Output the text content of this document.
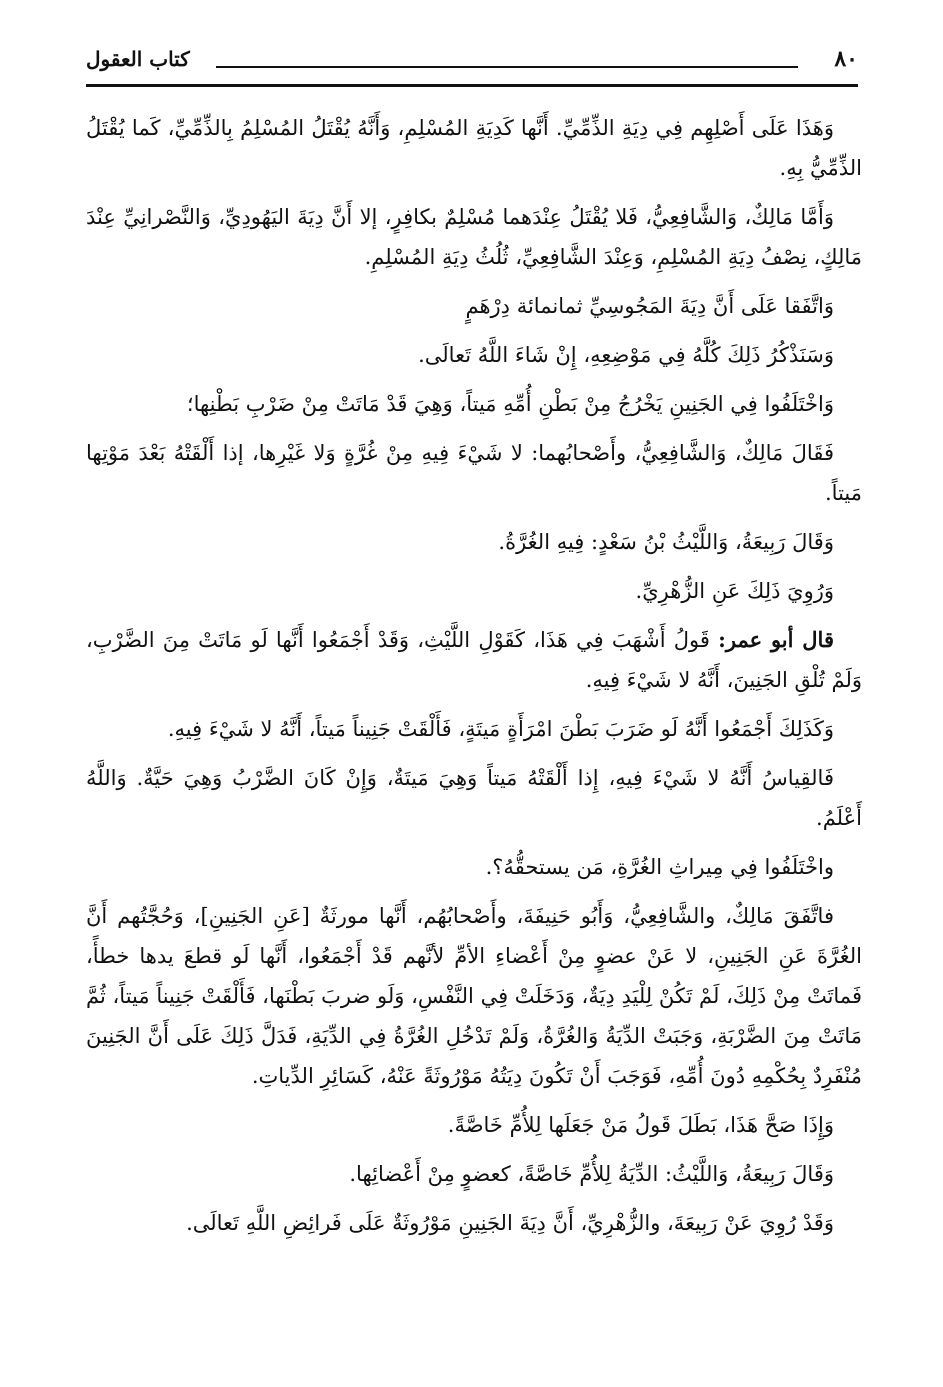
٨٠
كتاب العقول

وَهَذَا عَلَى أَصْلِهِم فِي دِيَةِ الذِّمِّيِّ. أَنَّها كَدِيَةِ المُسْلِمِ، وَأَنَّهُ يُقْتَلُ المُسْلِمُ بِالذِّمِّيِّ، كَما يُقْتَلُ الذِّمِّيُّ بِهِ.

وَأَمَّا مَالِكٌ، وَالشَّافِعِيُّ، فَلا يُقْتَلُ عِنْدَهما مُسْلِمٌ بكافِرٍ، إلا أَنَّ دِيَةَ اليَهُودِيِّ، وَالنَّصْرانِيِّ عِنْدَ مَالِكٍ، نِصْفُ دِيَةِ المُسْلِمِ، وَعِنْدَ الشَّافِعِيِّ، ثُلُثُ دِيَةِ المُسْلِمِ.

وَاتَّفَقا عَلَى أَنَّ دِيَةَ المَجُوسِيِّ ثمانمائة دِرْهَمٍ

وَسَنَذْكُرُ ذَلِكَ كُلَّهُ فِي مَوْضِعِهِ، إِنْ شَاءَ اللَّهُ تَعالَى.

وَاخْتَلَفُوا فِي الجَنِينِ يَخْرُجُ مِنْ بَطْنِ أُمِّهِ مَيتاً، وَهِيَ قَدْ مَاتَتْ مِنْ ضَرْبِ بَطْنِها؛

فَقَالَ مَالِكٌ، وَالشَّافِعِيُّ، وأَصْحابُهما: لا شَيْءَ فِيهِ مِنْ غُرَّةٍ وَلا غَيْرِها، إذا أَلْقَتْهُ بَعْدَ مَوْتِها مَيتاً.

وَقَالَ رَبِيعَةُ، وَاللَّيْثُ بْنُ سَعْدٍ: فِيهِ الغُرَّةُ.

وَرُوِيَ ذَلِكَ عَنِ الزُّهْرِيِّ.

قال أبو عمر: قَولُ أَشْهَبَ فِي هَذَا، كَقَوْلِ اللَّيْثِ، وَقَدْ أَجْمَعُوا أَنَّها لَو مَاتَتْ مِنَ الضَّرْبِ، وَلَمْ تُلْقِ الجَنِينَ، أَنَّهُ لا شَيْءَ فِيهِ.

وَكَذَلِكَ أَجْمَعُوا أَنَّهُ لَو ضَرَبَ بَطْنَ امْرَأَةٍ مَيتَةٍ، فَأَلْقَتْ جَنِيناً مَيتاً، أَنَّهُ لا شَيْءَ فِيهِ.

فَالقِياسُ أَنَّهُ لا شَيْءَ فِيهِ، إِذا أَلْقَتْهُ مَيتاً وَهِيَ مَيتَةٌ، وَإِنْ كَانَ الضَّرْبُ وَهِيَ حَيَّةٌ. وَاللَّهُ أَعْلَمُ.

واخْتَلَفُوا فِي مِيراثِ الغُرَّةِ، مَن يستحقُّهُ؟.

فاتَّفَقَ مَالِكٌ، والشَّافِعِيُّ، وَأَبُو حَنِيفَةَ، وأَصْحابُهُم، أَنَّها مورثَةٌ [عَنِ الجَنِينِ]، وَحُجَّتُهم أَنَّ الغُرَّةَ عَنِ الجَنِينِ، لا عَنْ عضوٍ مِنْ أَعْضاءِ الأمِّ لأنَّهم قَدْ أَجْمَعُوا، أَنَّها لَو قطعَ يدها خطأً، فَماتَتْ مِنْ ذَلِكَ، لَمْ تَكُنْ لِلْيَدِ دِيَةٌ، وَدَخَلَتْ فِي النَّفْسِ، وَلَو ضربَ بَطْنَها، فَأَلْقَتْ جَنِيناً مَيتاً، ثُمَّ مَاتَتْ مِنَ الضَّرْبَةِ، وَجَبَتْ الدِّيَةُ وَالغُرَّةُ، وَلَمْ تَدْخُلِ الغُرَّةُ فِي الدِّيَةِ، فَدَلَّ ذَلِكَ عَلَى أَنَّ الجَنِينَ مُنْفَرِدٌ بِحُكْمِهِ دُونَ أُمِّهِ، فَوَجَبَ أَنْ تَكُونَ دِيَتُهُ مَوْرُوثَةً عَنْهُ، كَسَائِرِ الدِّياتِ.

وَإِذَا صَحَّ هَذَا، بَطَلَ قَولُ مَنْ جَعَلَها لِلأُمِّ خَاصَّةً.

وَقَالَ رَبِيعَةُ، وَاللَّيْثُ: الدِّيَةُ لِلأُمِّ خَاصَّةً، كعضوٍ مِنْ أَعْضائِها.

وَقَدْ رُوِيَ عَنْ رَبِيعَةَ، والزُّهْرِيِّ، أَنَّ دِيَةَ الجَنِينِ مَوْرُوثَةٌ عَلَى فَرائِضِ اللَّهِ تَعالَى.
